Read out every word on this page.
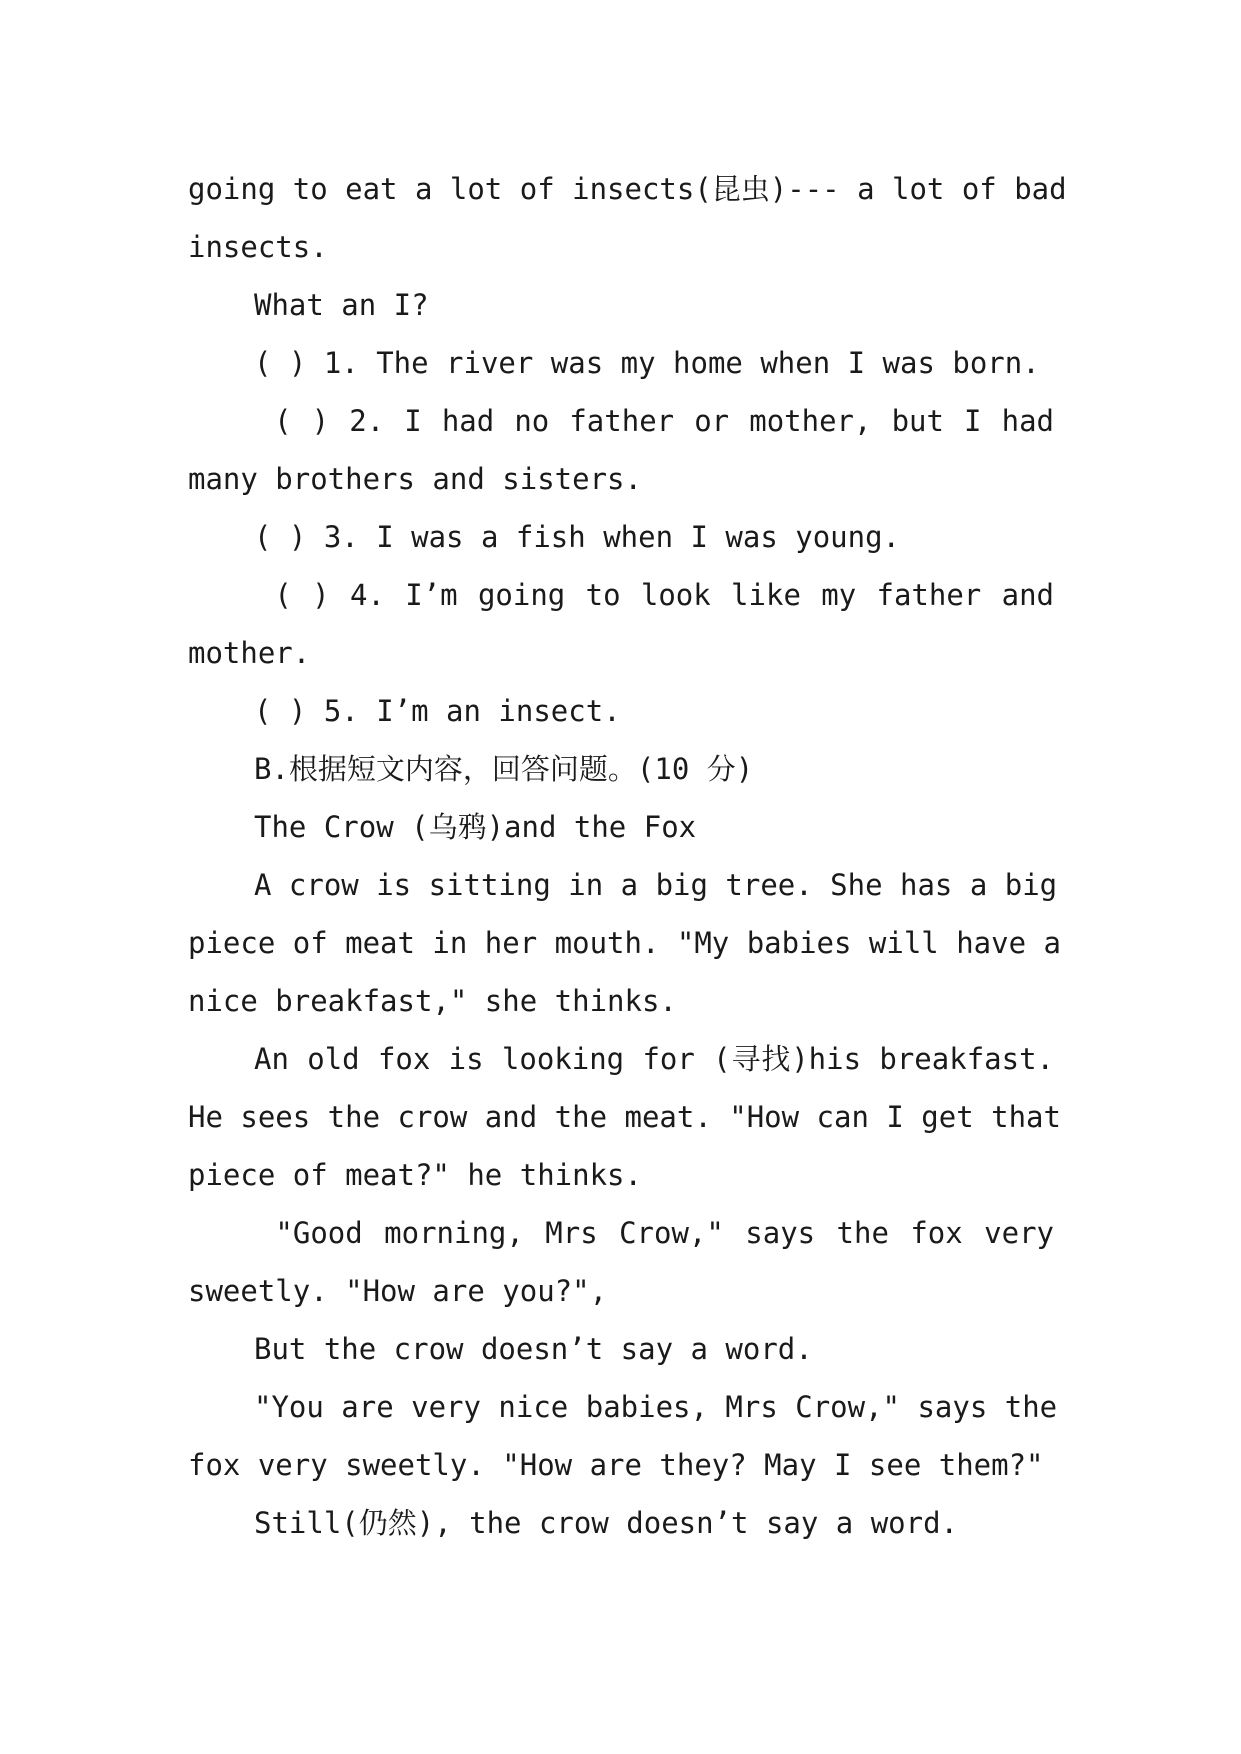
going to eat a lot of insects(昆虫)--- a lot of bad
insects.
What an I?
( ) 1. The river was my home when I was born.
( ) 2. I had no father or mother, but I had
many brothers and sisters.
( ) 3. I was a fish when I was young.
( ) 4. I’m going to look like my father and
mother.
( ) 5. I’m an insect.
B.根据短文内容，回答问题。(10 分)
The Crow (乌鸦)and the Fox
A crow is sitting in a big tree. She has a big
piece of meat in her mouth. "My babies will have a
nice breakfast," she thinks.
An old fox is looking for (寻找)his breakfast.
He sees the crow and the meat. "How can I get that
piece of meat?" he thinks.
"Good morning, Mrs Crow," says the fox very
sweetly. "How are you?",
But the crow doesn’t say a word.
"You are very nice babies, Mrs Crow," says the
fox very sweetly. "How are they? May I see them?"
Still(仍然), the crow doesn’t say a word.
